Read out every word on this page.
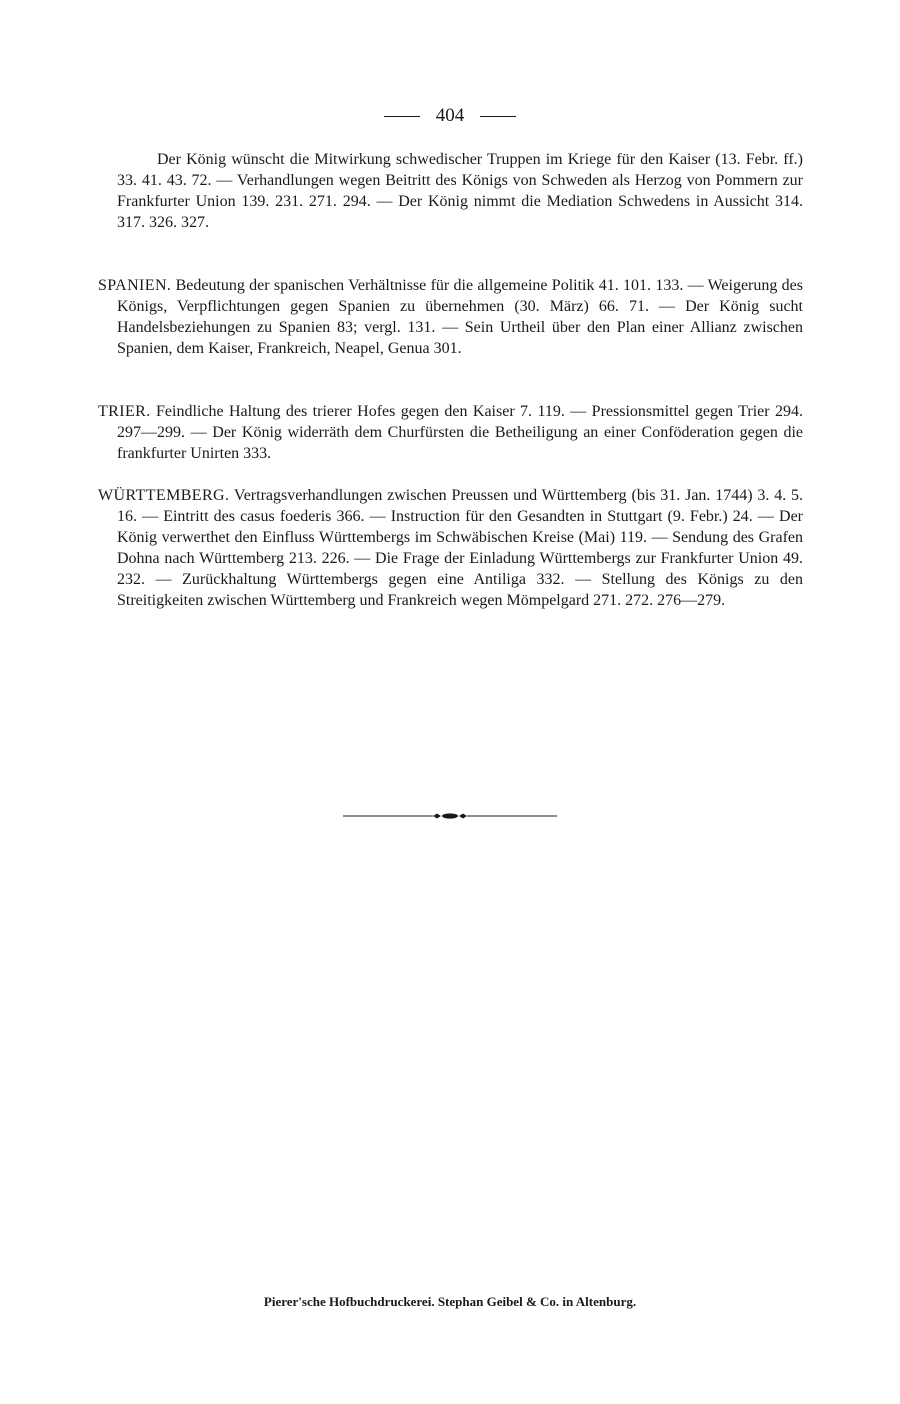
404

Der König wünscht die Mitwirkung schwedischer Truppen im Kriege für den Kaiser (13. Febr. ff.) 33. 41. 43. 72. — Verhandlungen wegen Beitritt des Königs von Schweden als Herzog von Pommern zur Frankfurter Union 139. 231. 271. 294. — Der König nimmt die Mediation Schwedens in Aussicht 314. 317. 326. 327.

SPANIEN. Bedeutung der spanischen Verhältnisse für die allgemeine Politik 41. 101. 133. — Weigerung des Königs, Verpflichtungen gegen Spanien zu übernehmen (30. März) 66. 71. — Der König sucht Handelsbeziehungen zu Spanien 83; vergl. 131. — Sein Urtheil über den Plan einer Allianz zwischen Spanien, dem Kaiser, Frankreich, Neapel, Genua 301.

TRIER. Feindliche Haltung des trierer Hofes gegen den Kaiser 7. 119. — Pressionsmittel gegen Trier 294. 297—299. — Der König widerräth dem Churfürsten die Betheiligung an einer Conföderation gegen die frankfurter Unirten 333.

WÜRTTEMBERG. Vertragsverhandlungen zwischen Preussen und Württemberg (bis 31. Jan. 1744) 3. 4. 5. 16. — Eintritt des casus foederis 366. — Instruction für den Gesandten in Stuttgart (9. Febr.) 24. — Der König verwerthet den Einfluss Württembergs im Schwäbischen Kreise (Mai) 119. — Sendung des Grafen Dohna nach Württemberg 213. 226. — Die Frage der Einladung Württembergs zur Frankfurter Union 49. 232. — Zurückhaltung Württembergs gegen eine Antiliga 332. — Stellung des Königs zu den Streitigkeiten zwischen Württemberg und Frankreich wegen Mömpelgard 271. 272. 276—279.

Pierer'sche Hofbuchdruckerei. Stephan Geibel & Co. in Altenburg.
